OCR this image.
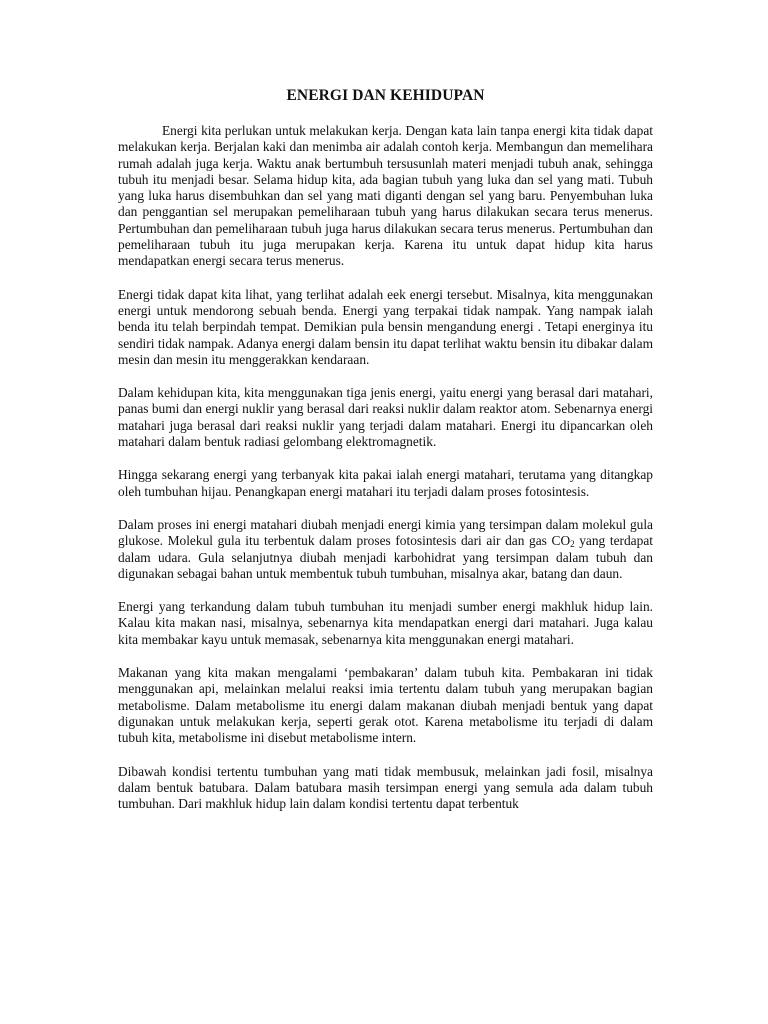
ENERGI DAN KEHIDUPAN

Energi kita perlukan untuk melakukan kerja. Dengan kata lain tanpa energi kita tidak dapat melakukan kerja. Berjalan kaki dan menimba air adalah contoh kerja. Membangun dan memelihara rumah adalah juga kerja. Waktu anak bertumbuh tersusunlah materi menjadi tubuh anak, sehingga tubuh itu menjadi besar. Selama hidup kita, ada bagian tubuh yang luka dan sel yang mati. Tubuh yang luka harus disembuhkan dan sel yang mati diganti dengan sel yang baru. Penyembuhan luka dan penggantian sel merupakan pemeliharaan tubuh yang harus dilakukan secara terus menerus. Pertumbuhan dan pemeliharaan tubuh juga harus dilakukan secara terus menerus. Pertumbuhan dan pemeliharaan tubuh itu juga merupakan kerja. Karena itu untuk dapat hidup kita harus mendapatkan energi secara terus menerus.

Energi tidak dapat kita lihat, yang terlihat adalah eek energi tersebut. Misalnya, kita menggunakan energi untuk mendorong sebuah benda. Energi yang terpakai tidak nampak. Yang nampak ialah benda itu telah berpindah tempat. Demikian pula bensin mengandung energi . Tetapi energinya itu sendiri tidak nampak. Adanya energi dalam bensin itu dapat terlihat waktu bensin itu dibakar dalam mesin dan mesin itu menggerakkan kendaraan.

Dalam kehidupan kita, kita menggunakan tiga jenis energi, yaitu energi yang berasal dari matahari, panas bumi dan energi nuklir yang berasal dari reaksi nuklir dalam reaktor atom. Sebenarnya energi matahari juga berasal dari reaksi nuklir yang terjadi dalam matahari. Energi itu dipancarkan oleh matahari dalam bentuk radiasi gelombang elektromagnetik.

Hingga sekarang energi yang terbanyak kita pakai ialah energi matahari, terutama yang ditangkap oleh tumbuhan hijau. Penangkapan energi matahari itu terjadi dalam proses fotosintesis.

Dalam proses ini energi matahari diubah menjadi energi kimia yang tersimpan dalam molekul gula glukose. Molekul gula itu terbentuk dalam proses fotosintesis dari air dan gas $CO_2$ yang terdapat dalam udara. Gula selanjutnya diubah menjadi karbohidrat yang tersimpan dalam tubuh dan digunakan sebagai bahan untuk membentuk tubuh tumbuhan, misalnya akar, batang dan daun.

Energi yang terkandung dalam tubuh tumbuhan itu menjadi sumber energi makhluk hidup lain. Kalau kita makan nasi, misalnya, sebenarnya kita mendapatkan energi dari matahari. Juga kalau kita membakar kayu untuk memasak, sebenarnya kita menggunakan energi matahari.

Makanan yang kita makan mengalami ‘pembakaran’ dalam tubuh kita. Pembakaran ini tidak menggunakan api, melainkan melalui reaksi imia tertentu dalam tubuh yang merupakan bagian metabolisme. Dalam metabolisme itu energi dalam makanan diubah menjadi bentuk yang dapat digunakan untuk melakukan kerja, seperti gerak otot. Karena metabolisme itu terjadi di dalam tubuh kita, metabolisme ini disebut metabolisme intern.

Dibawah kondisi tertentu tumbuhan yang mati tidak membusuk, melainkan jadi fosil, misalnya dalam bentuk batubara. Dalam batubara masih tersimpan energi yang semula ada dalam tubuh tumbuhan. Dari makhluk hidup lain dalam kondisi tertentu dapat terbentuk
